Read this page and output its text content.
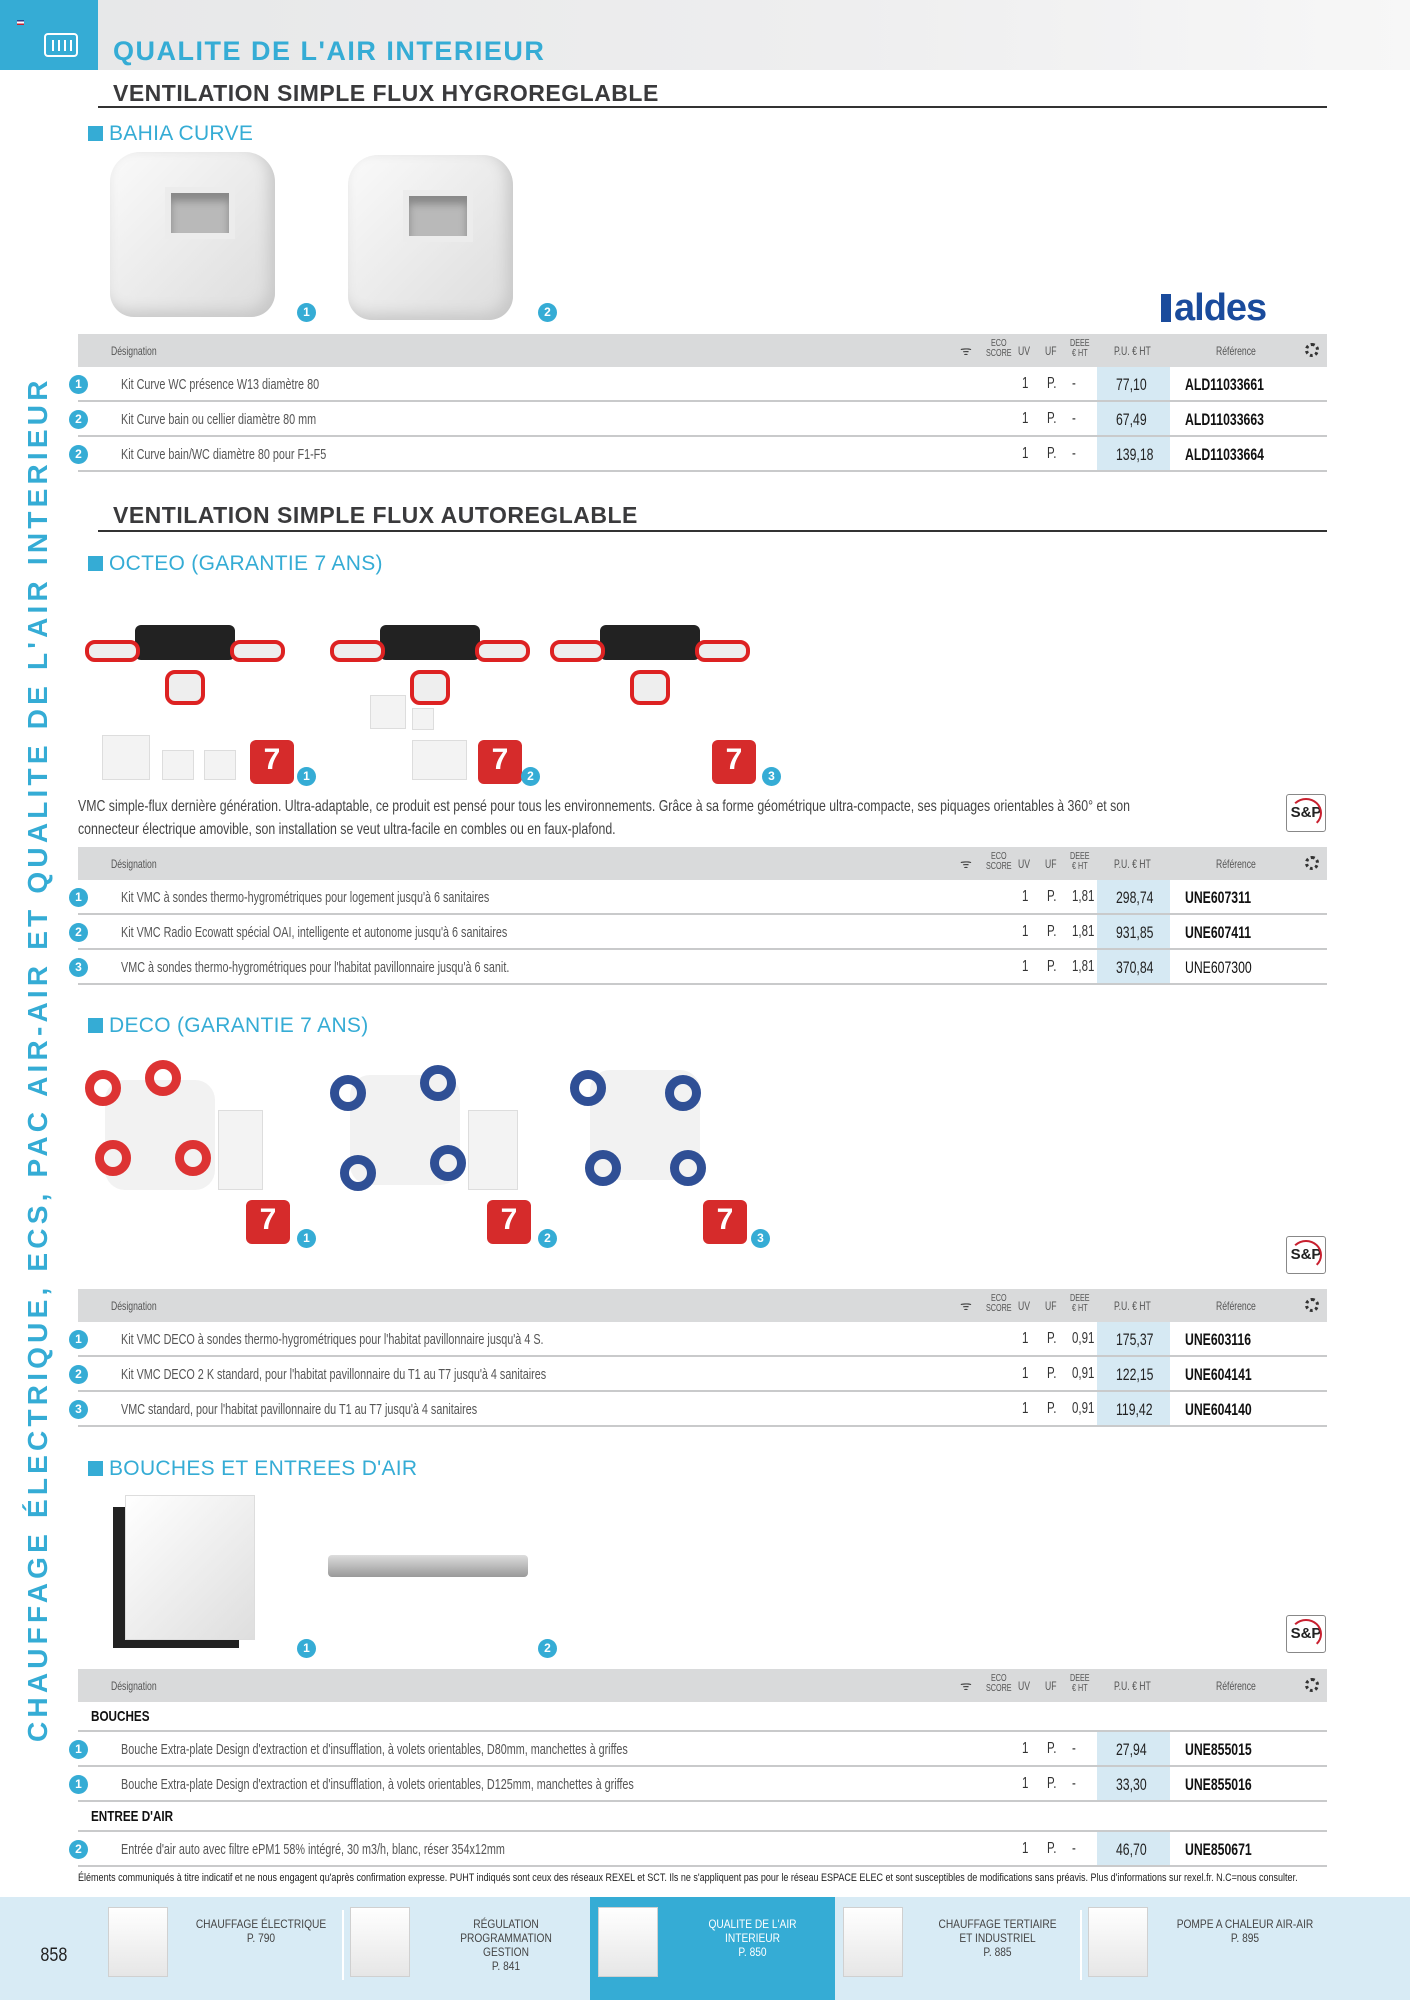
QUALITE DE L'AIR INTERIEUR
CHAUFFAGE ÉLECTRIQUE, ECS, PAC AIR-AIR ET QUALITE DE L'AIR INTERIEUR
VENTILATION SIMPLE FLUX HYGROREGLABLE
BAHIA CURVE
1	2	aldes
Désignation	ᯤ	ECO
SCORE UV UF
DEEE
€ HT P.U. € HT	Référence
1	Kit Curve WC présence W13 diamètre 80	1 P. - 77,10 ALD11033661
2	Kit Curve bain ou cellier diamètre 80 mm	1 P. - 67,49 ALD11033663
2	Kit Curve bain/WC diamètre 80 pour F1-F5	1 P. - 139,18 ALD11033664
VENTILATION SIMPLE FLUX AUTOREGLABLE
OCTEO (GARANTIE 7 ANS)
7	7	7
1	2	3
VMC simple-flux dernière génération. Ultra-adaptable, ce produit est pensé pour tous les environnements. Grâce à sa forme géométrique ultra-compacte, ses piquages orientables à 360° et son
connecteur électrique amovible, son installation se veut ultra-facile en combles ou en faux-plafond.
S&P
Désignation	ᯤ	ECO
SCORE UV UF
DEEE
€ HT P.U. € HT	Référence
1	Kit VMC à sondes thermo-hygrométriques pour logement jusqu'à 6 sanitaires	1 P. 1,81 298,74 UNE607311
2	Kit VMC Radio Ecowatt spécial OAI, intelligente et autonome jusqu'à 6 sanitaires	1 P. 1,81 931,85 UNE607411
3	VMC à sondes thermo-hygrométriques pour l'habitat pavillonnaire jusqu'à 6 sanit.	1 P. 1,81 370,84 UNE607300
DECO (GARANTIE 7 ANS)
7	7	7
1	2	3
S&P
Désignation	ᯤ	ECO
SCORE UV UF
DEEE
€ HT P.U. € HT	Référence
1	Kit VMC DECO à sondes thermo-hygrométriques pour l'habitat pavillonnaire jusqu'à 4 S.	1 P. 0,91 175,37 UNE603116
2	Kit VMC DECO 2 K standard, pour l'habitat pavillonnaire du T1 au T7 jusqu'à 4 sanitaires	1 P. 0,91 122,15 UNE604141
3	VMC standard, pour l'habitat pavillonnaire du T1 au T7 jusqu'à 4 sanitaires	1 P. 0,91 119,42 UNE604140
BOUCHES ET ENTREES D'AIR
1	2
S&P
Désignation	ᯤ	ECO
SCORE UV UF
DEEE
€ HT P.U. € HT	Référence
BOUCHES
1	Bouche Extra-plate Design d'extraction et d'insufflation, à volets orientables, D80mm, manchettes à griffes	1 P. - 27,94 UNE855015
1	Bouche Extra-plate Design d'extraction et d'insufflation, à volets orientables, D125mm, manchettes à griffes	1 P. - 33,30 UNE855016
ENTREE D'AIR
2	Entrée d'air auto avec filtre ePM1 58% intégré, 30 m3/h, blanc, réser 354x12mm	1 P. - 46,70 UNE850671
Éléments communiqués à titre indicatif et ne nous engagent qu'après confirmation expresse. PUHT indiqués sont ceux des réseaux REXEL et SCT. Ils ne s'appliquent pas pour le réseau ESPACE ELEC et sont susceptibles de modifications sans préavis. Plus d'informations sur rexel.fr. N.C=nous consulter.
CHAUFFAGE ÉLECTRIQUE
P. 790
RÉGULATION PROGRAMMATION
GESTION
P. 841
QUALITE DE L'AIR INTERIEUR
P. 850
CHAUFFAGE TERTIAIRE
ET INDUSTRIEL
P. 885
POMPE A CHALEUR AIR-AIR
P. 895
858
